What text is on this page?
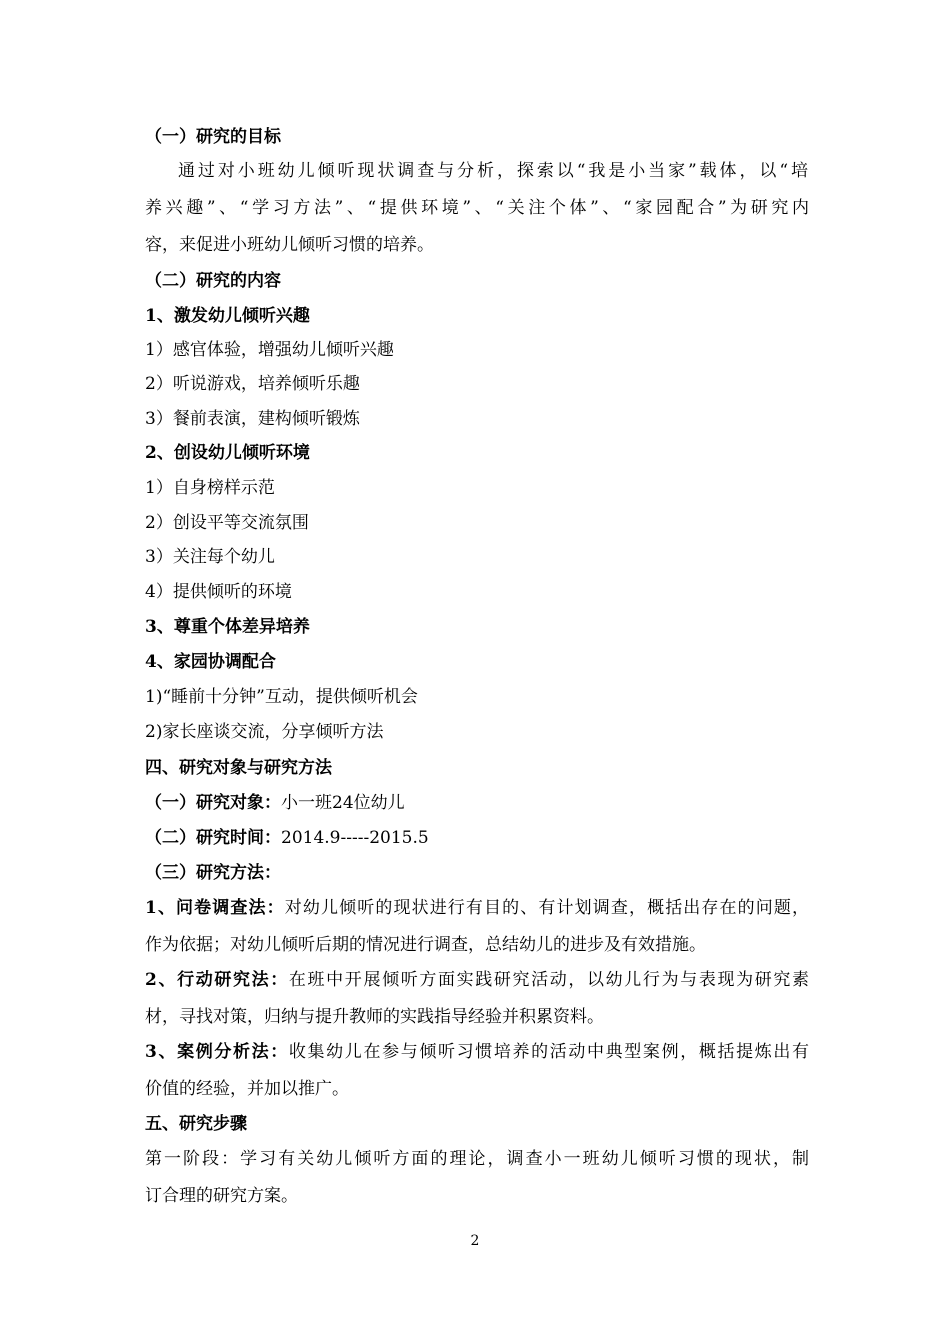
（一）研究的目标
通过对小班幼儿倾听现状调查与分析，探索以“我是小当家”载体，以“培
养兴趣”、“学习方法”、“提供环境”、“关注个体”、“家园配合”为研究内
容，来促进小班幼儿倾听习惯的培养。
（二）研究的内容
1、激发幼儿倾听兴趣
1）感官体验，增强幼儿倾听兴趣
2）听说游戏，培养倾听乐趣
3）餐前表演，建构倾听锻炼
2、创设幼儿倾听环境
1）自身榜样示范
2）创设平等交流氛围
3）关注每个幼儿
4）提供倾听的环境
3、尊重个体差异培养
4、家园协调配合
1)“睡前十分钟”互动，提供倾听机会
2)家长座谈交流，分享倾听方法
四、研究对象与研究方法
（一）研究对象：小一班24位幼儿
（二）研究时间：2014.9-----2015.5
（三）研究方法：
1、问卷调查法：对幼儿倾听的现状进行有目的、有计划调查，概括出存在的问题，
作为依据；对幼儿倾听后期的情况进行调查，总结幼儿的进步及有效措施。
2、行动研究法：在班中开展倾听方面实践研究活动，以幼儿行为与表现为研究素
材，寻找对策，归纳与提升教师的实践指导经验并积累资料。
3、案例分析法：收集幼儿在参与倾听习惯培养的活动中典型案例，概括提炼出有
价值的经验，并加以推广。
五、研究步骤
第一阶段：学习有关幼儿倾听方面的理论，调查小一班幼儿倾听习惯的现状，制
订合理的研究方案。
2
